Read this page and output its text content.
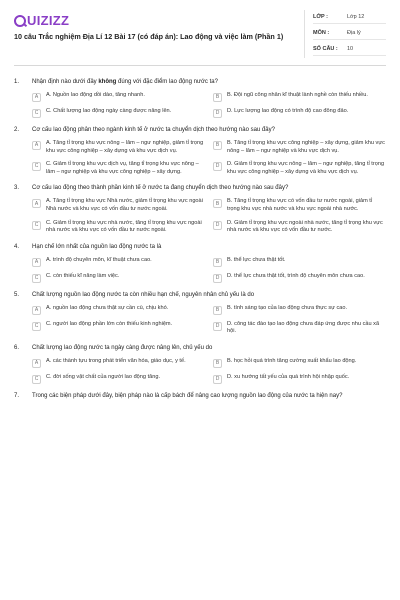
UIZIZZ
10 câu Trắc nghiệm Địa Lí 12 Bài 17 (có đáp án): Lao động và việc làm (Phần 1)
LỚP :	Lớp 12
MÔN :	Địa lý
SỐ CÂU :	10
1.	Nhận định nào dưới đây không đúng với đặc điểm lao động nước ta?
A	A. Nguồn lao động dồi dào, tăng nhanh.	B	B. Đội ngũ công nhân kĩ thuật lành nghề còn thiếu nhiều.
C	C. Chất lượng lao động ngày càng được nâng lên.	D	D. Lực lượng lao động có trình độ cao đông đảo.
2.	Cơ cấu lao động phân theo ngành kinh tế ở nước ta chuyển dịch theo hướng nào sau đây?
A	A. Tăng tỉ trọng khu vực nông – lâm – ngư nghiệp, giảm tỉ trọng khu vực công nghiệp – xây dựng và khu vực dịch vụ.
B	B. Tăng tỉ trọng khu vực công nghiệp – xây dựng, giảm khu vực nông – lâm – ngư nghiệp và khu vực dịch vụ.
C	C. Giảm tỉ trọng khu vực dịch vụ, tăng tỉ trọng khu vực nông – lâm – ngư nghiệp và khu vực công nghiệp – xây dựng.
D	D. Giảm tỉ trọng khu vực nông – lâm – ngư nghiệp, tăng tỉ trọng khu vực công nghiệp – xây dựng và khu vực dịch vụ.
3.	Cơ cấu lao động theo thành phần kinh tế ở nước ta đang chuyển dịch theo hướng nào sau đây?
A	A. Tăng tỉ trọng khu vực Nhà nước, giảm tỉ trọng khu vực ngoài Nhà nước và khu vực có vốn đầu tư nước ngoài.
B	B. Tăng tỉ trọng khu vực có vốn đầu tư nước ngoài, giảm tỉ trọng khu vực nhà nước và khu vực ngoài nhà nước.
C	C. Giảm tỉ trọng khu vực nhà nước, tăng tỉ trọng khu vực ngoài nhà nước và khu vực có vốn đầu tư nước ngoài.
D	D. Giảm tỉ trọng khu vực ngoài nhà nước, tăng tỉ trọng khu vực nhà nước và khu vực có vốn đầu tư nước.
4.	Hạn chế lớn nhất của nguồn lao động nước ta là
A	A. trình độ chuyên môn, kĩ thuật chưa cao.	B	B. thể lực chưa thật tốt.
C	C. còn thiếu kĩ năng làm việc.	D	D. thể lực chưa thật tốt, trình độ chuyên môn chưa cao.
5.	Chất lượng nguồn lao động nước ta còn nhiều hạn chế, nguyên nhân chủ yếu là do
A	A. nguồn lao động chưa thật sự cần cù, chịu khó.	B	B. tính sáng tạo của lao động chưa thực sự cao.
C	C. người lao động phần lớn còn thiếu kinh nghiệm.	D	D. công tác đào tạo lao động chưa đáp ứng được nhu cầu xã hội.
6.	Chất lượng lao động nước ta ngày càng được nâng lên, chủ yếu do
A	A. các thành tựu trong phát triển văn hóa, giáo dục, y tế.	B	B. học hỏi quá trình tăng cường xuất khẩu lao động.
C	C. đời sống vật chất của người lao động tăng.	D	D. xu hướng tất yếu của quá trình hội nhập quốc.
7.	Trong các biện pháp dưới đây, biện pháp nào là cấp bách để nâng cao lượng nguồn lao động của nước ta hiện nay?
